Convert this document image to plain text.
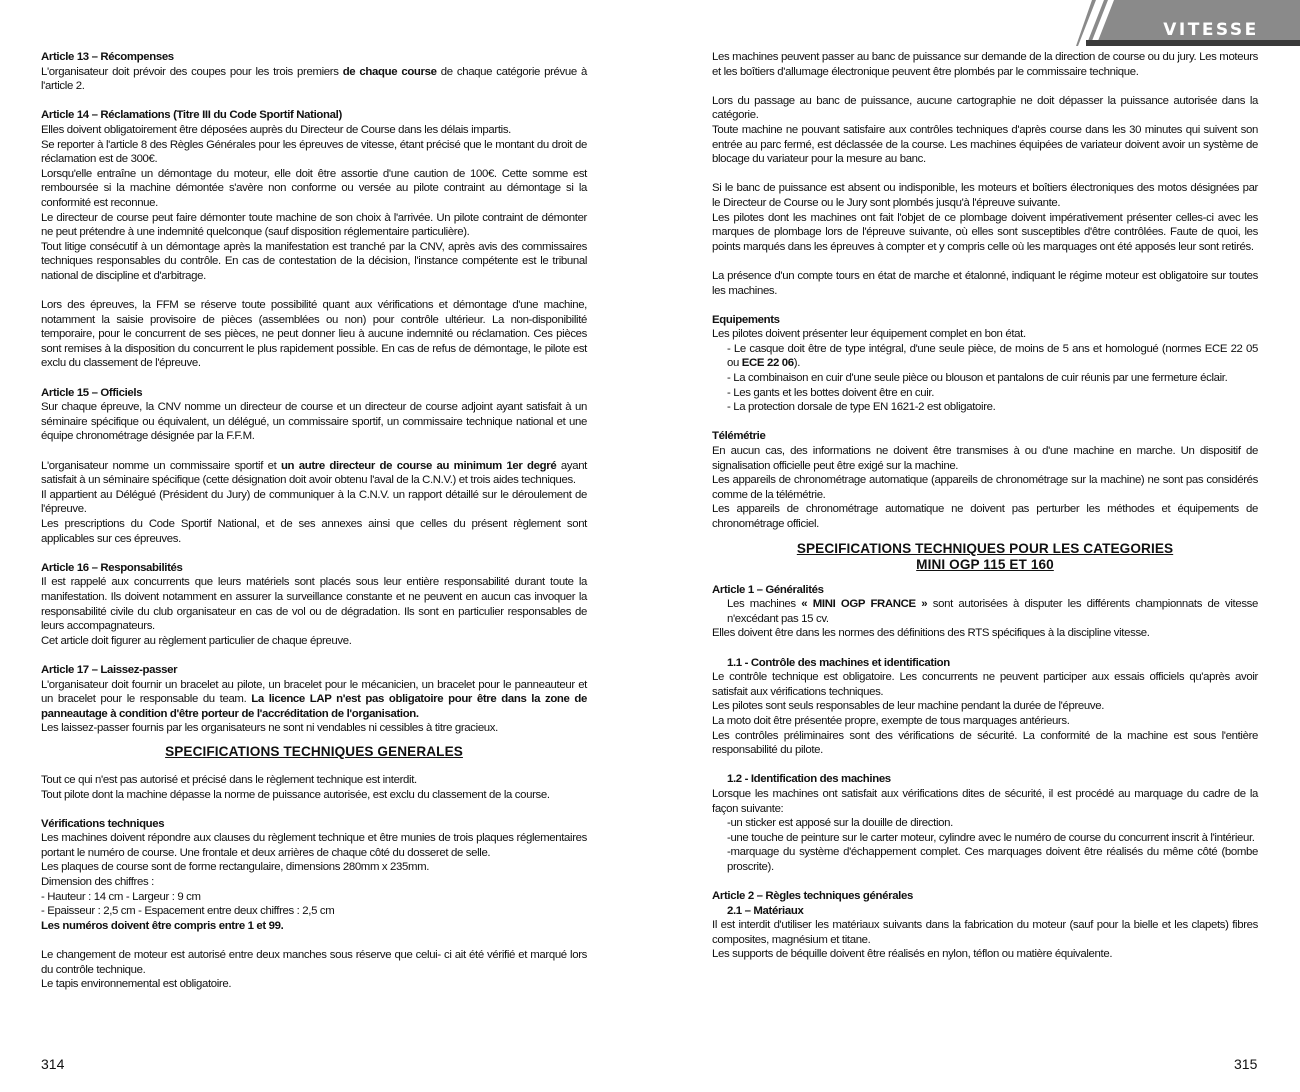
VITESSE

Article 13 – Récompenses

L'organisateur doit prévoir des coupes pour les trois premiers de chaque course de chaque catégorie prévue à l'article 2.

Article 14 – Réclamations (Titre III du Code Sportif National)

Elles doivent obligatoirement être déposées auprès du Directeur de Course dans les délais impartis.

Se reporter à l'article 8 des Règles Générales pour les épreuves de vitesse, étant précisé que le montant du droit de réclamation est de 300€.

Lorsqu'elle entraîne un démontage du moteur, elle doit être assortie d'une caution de 100€. Cette somme est remboursée si la machine démontée s'avère non conforme ou versée au pilote contraint au démontage si la conformité est reconnue.

Le directeur de course peut faire démonter toute machine de son choix à l'arrivée. Un pilote contraint de démonter ne peut prétendre à une indemnité quelconque (sauf disposition réglementaire particulière).

Tout litige consécutif à un démontage après la manifestation est tranché par la CNV, après avis des commissaires techniques responsables du contrôle. En cas de contestation de la décision, l'instance compétente est le tribunal national de discipline et d'arbitrage.

Lors des épreuves, la FFM se réserve toute possibilité quant aux vérifications et démontage d'une machine, notamment la saisie provisoire de pièces (assemblées ou non) pour contrôle ultérieur. La non-disponibilité temporaire, pour le concurrent de ses pièces, ne peut donner lieu à aucune indemnité ou réclamation. Ces pièces sont remises à la disposition du concurrent le plus rapidement possible. En cas de refus de démontage, le pilote est exclu du classement de l'épreuve.

Article 15 – Officiels

Sur chaque épreuve, la CNV nomme un directeur de course et un directeur de course adjoint ayant satisfait à un séminaire spécifique ou équivalent, un délégué, un commissaire sportif, un commissaire technique national et une équipe chronométrage désignée par la F.F.M.

L'organisateur nomme un commissaire sportif et un autre directeur de course au minimum 1er degré ayant satisfait à un séminaire spécifique (cette désignation doit avoir obtenu l'aval de la C.N.V.) et trois aides techniques.

Il appartient au Délégué (Président du Jury) de communiquer à la C.N.V. un rapport détaillé sur le déroulement de l'épreuve.

Les prescriptions du Code Sportif National, et de ses annexes ainsi que celles du présent règlement sont applicables sur ces épreuves.

Article 16 – Responsabilités

Il est rappelé aux concurrents que leurs matériels sont placés sous leur entière responsabilité durant toute la manifestation. Ils doivent notamment en assurer la surveillance constante et ne peuvent en aucun cas invoquer la responsabilité civile du club organisateur en cas de vol ou de dégradation. Ils sont en particulier responsables de leurs accompagnateurs.

Cet article doit figurer au règlement particulier de chaque épreuve.

Article 17 – Laissez-passer

L'organisateur doit fournir un bracelet au pilote, un bracelet pour le mécanicien, un bracelet pour le panneauteur et un bracelet pour le responsable du team. La licence LAP n'est pas obligatoire pour être dans la zone de panneautage à condition d'être porteur de l'accréditation de l'organisation.

Les laissez-passer fournis par les organisateurs ne sont ni vendables ni cessibles à titre gracieux.

SPECIFICATIONS TECHNIQUES GENERALES

Tout ce qui n'est pas autorisé et précisé dans le règlement technique est interdit.

Tout pilote dont la machine dépasse la norme de puissance autorisée, est exclu du classement de la course.

Vérifications techniques

Les machines doivent répondre aux clauses du règlement technique et être munies de trois plaques réglementaires portant le numéro de course. Une frontale et deux arrières de chaque côté du dosseret de selle.

Les plaques de course sont de forme rectangulaire, dimensions 280mm x 235mm.

Dimension des chiffres :

- Hauteur : 14 cm - Largeur : 9 cm

- Epaisseur : 2,5 cm - Espacement entre deux chiffres : 2,5 cm

Les numéros doivent être compris entre 1 et 99.

Le changement de moteur est autorisé entre deux manches sous réserve que celui- ci ait été vérifié et marqué lors du contrôle technique.

Le tapis environnemental est obligatoire.

Les machines peuvent passer au banc de puissance sur demande de la direction de course ou du jury. Les moteurs et les boîtiers d'allumage électronique peuvent être plombés par le commissaire technique.

Lors du passage au banc de puissance, aucune cartographie ne doit dépasser la puissance autorisée dans la catégorie.

Toute machine ne pouvant satisfaire aux contrôles techniques d'après course dans les 30 minutes qui suivent son entrée au parc fermé, est déclassée de la course. Les machines équipées de variateur doivent avoir un système de blocage du variateur pour la mesure au banc.

Si le banc de puissance est absent ou indisponible, les moteurs et boîtiers électroniques des motos désignées par le Directeur de Course ou le Jury sont plombés jusqu'à l'épreuve suivante.

Les pilotes dont les machines ont fait l'objet de ce plombage doivent impérativement présenter celles-ci avec les marques de plombage lors de l'épreuve suivante, où elles sont susceptibles d'être contrôlées. Faute de quoi, les points marqués dans les épreuves à compter et y compris celle où les marquages ont été apposés leur sont retirés.

La présence d'un compte tours en état de marche et étalonné, indiquant le régime moteur est obligatoire sur toutes les machines.

Equipements

Les pilotes doivent présenter leur équipement complet en bon état.

- Le casque doit être de type intégral, d'une seule pièce, de moins de 5 ans et homologué (normes ECE 22 05 ou ECE 22 06).

- La combinaison en cuir d'une seule pièce ou blouson et pantalons de cuir réunis par une fermeture éclair.

- Les gants et les bottes doivent être en cuir.

- La protection dorsale de type EN 1621-2 est obligatoire.

Télémétrie

En aucun cas, des informations ne doivent être transmises à ou d'une machine en marche. Un dispositif de signalisation officielle peut être exigé sur la machine.

Les appareils de chronométrage automatique (appareils de chronométrage sur la machine) ne sont pas considérés comme de la télémétrie.

Les appareils de chronométrage automatique ne doivent pas perturber les méthodes et équipements de chronométrage officiel.

SPECIFICATIONS TECHNIQUES POUR LES CATEGORIES

MINI OGP 115 ET 160

Article 1 – Généralités

Les machines « MINI OGP FRANCE » sont autorisées à disputer les différents championnats de vitesse n'excédant pas 15 cv.

Elles doivent être dans les normes des définitions des RTS spécifiques à la discipline vitesse.

1.1 - Contrôle des machines et identification

Le contrôle technique est obligatoire. Les concurrents ne peuvent participer aux essais officiels qu'après avoir satisfait aux vérifications techniques.

Les pilotes sont seuls responsables de leur machine pendant la durée de l'épreuve.

La moto doit être présentée propre, exempte de tous marquages antérieurs.

Les contrôles préliminaires sont des vérifications de sécurité. La conformité de la machine est sous l'entière responsabilité du pilote.

1.2 - Identification des machines

Lorsque les machines ont satisfait aux vérifications dites de sécurité, il est procédé au marquage du cadre de la façon suivante:

-un sticker est apposé sur la douille de direction.

-une touche de peinture sur le carter moteur, cylindre avec le numéro de course du concurrent inscrit à l'intérieur.

-marquage du système d'échappement complet. Ces marquages doivent être réalisés du même côté (bombe proscrite).

Article 2 – Règles techniques générales

2.1 – Matériaux

Il est interdit d'utiliser les matériaux suivants dans la fabrication du moteur (sauf pour la bielle et les clapets) fibres composites, magnésium et titane.

Les supports de béquille doivent être réalisés en nylon, téflon ou matière équivalente.

314	315
